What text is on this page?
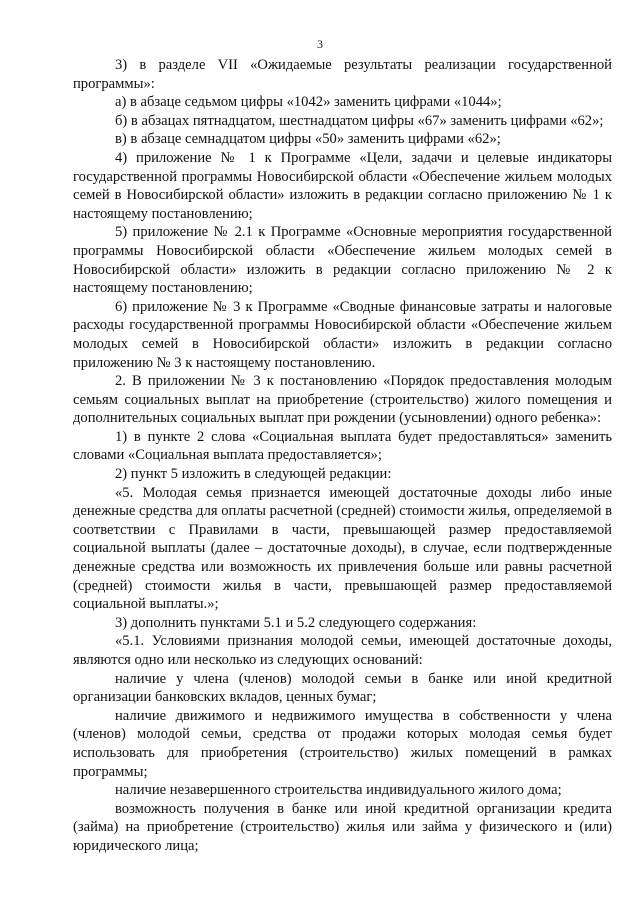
3

3) в разделе VII «Ожидаемые результаты реализации государственной программы»:

а) в абзаце седьмом цифры «1042» заменить цифрами «1044»;

б) в абзацах пятнадцатом, шестнадцатом цифры «67» заменить цифрами «62»;

в) в абзаце семнадцатом цифры «50» заменить цифрами «62»;

4) приложение № 1 к Программе «Цели, задачи и целевые индикаторы государственной программы Новосибирской области «Обеспечение жильем молодых семей в Новосибирской области» изложить в редакции согласно приложению № 1 к настоящему постановлению;

5) приложение № 2.1 к Программе «Основные мероприятия государственной программы Новосибирской области «Обеспечение жильем молодых семей в Новосибирской области» изложить в редакции согласно приложению № 2 к настоящему постановлению;

6) приложение № 3 к Программе «Сводные финансовые затраты и налоговые расходы государственной программы Новосибирской области «Обеспечение жильем молодых семей в Новосибирской области» изложить в редакции согласно приложению № 3 к настоящему постановлению.

2. В приложении № 3 к постановлению «Порядок предоставления молодым семьям социальных выплат на приобретение (строительство) жилого помещения и дополнительных социальных выплат при рождении (усыновлении) одного ребенка»:

1) в пункте 2 слова «Социальная выплата будет предоставляться» заменить словами «Социальная выплата предоставляется»;

2) пункт 5 изложить в следующей редакции:

«5. Молодая семья признается имеющей достаточные доходы либо иные денежные средства для оплаты расчетной (средней) стоимости жилья, определяемой в соответствии с Правилами в части, превышающей размер предоставляемой социальной выплаты (далее – достаточные доходы), в случае, если подтвержденные денежные средства или возможность их привлечения больше или равны расчетной (средней) стоимости жилья в части, превышающей размер предоставляемой социальной выплаты.»;

3) дополнить пунктами 5.1 и 5.2 следующего содержания:

«5.1. Условиями признания молодой семьи, имеющей достаточные доходы, являются одно или несколько из следующих оснований:

наличие у члена (членов) молодой семьи в банке или иной кредитной организации банковских вкладов, ценных бумаг;

наличие движимого и недвижимого имущества в собственности у члена (членов) молодой семьи, средства от продажи которых молодая семья будет использовать для приобретения (строительство) жилых помещений в рамках программы;

наличие незавершенного строительства индивидуального жилого дома;

возможность получения в банке или иной кредитной организации кредита (займа) на приобретение (строительство) жилья или займа у физического и (или) юридического лица;
